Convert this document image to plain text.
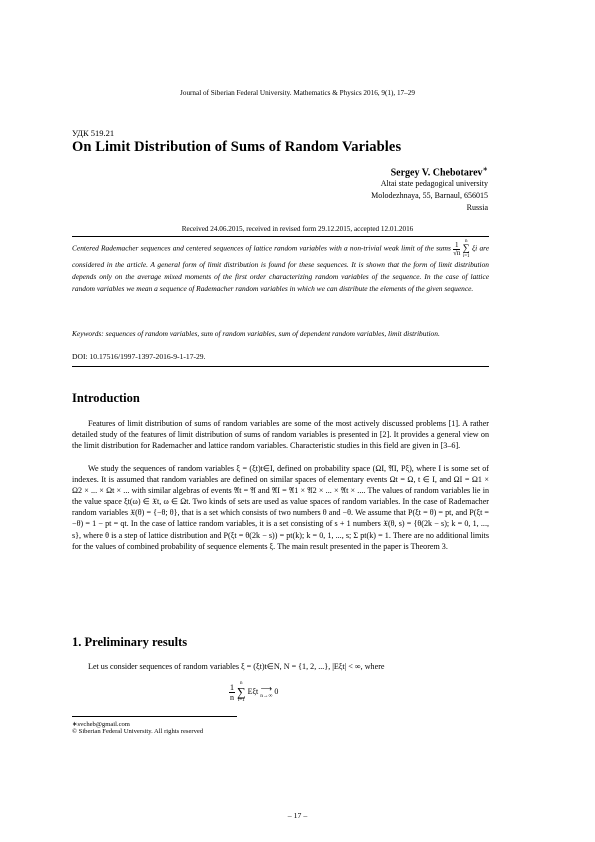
Journal of Siberian Federal University. Mathematics & Physics 2016, 9(1), 17–29
УДК 519.21
On Limit Distribution of Sums of Random Variables
Sergey V. Chebotarev∗
Altai state pedagogical university
Molodezhnaya, 55, Barnaul, 656015
Russia
Received 24.06.2015, received in revised form 29.12.2015, accepted 12.01.2016

Centered Rademacher sequences and centered sequences of lattice random variables with a non-trivial weak limit of the sums $\frac{1}{√n}$ n
∑
i=1 ξi are considered in the article. A general form of limit distribution is found for these sequences. It is shown that the form of limit distribution depends only on the average mixed moments of the first order characterizing random variables of the sequence. In the case of lattice random variables we mean a sequence of Rademacher random variables in which we can distribute the elements of the given sequence.

Keywords: sequences of random variables, sum of random variables, sum of dependent random variables, limit distribution.
DOI: 10.17516/1997-1397-2016-9-1-17-29.
Introduction

Features of limit distribution of sums of random variables are some of the most actively discussed problems [1]. A rather detailed study of the features of limit distribution of sums of random variables is presented in [2]. It provides a general view on the limit distribution for Rademacher and lattice random variables. Characteristic studies in this field are given in [3–6].

We study the sequences of random variables ξ = (ξt)t∈I, defined on probability space (ΩI, 𝔄I, Pξ), where I is some set of indexes. It is assumed that random variables are defined on similar spaces of elementary events Ωt = Ω, t ∈ I, and ΩI = Ω1 × Ω2 × ... × Ωt × ... with similar algebras of events 𝔄t = 𝔄 and 𝔄I = 𝔄1 × 𝔄2 × ... × 𝔄t × .... The values of random variables lie in the value space ξt(ω) ∈ 𝔛t, ω ∈ Ωt. Two kinds of sets are used as value spaces of random variables. In the case of Rademacher random variables 𝔛(θ) = {−θ; θ}, that is a set which consists of two numbers θ and −θ. We assume that P(ξt = θ) = pt, and P(ξt = −θ) = 1 − pt = qt. In the case of lattice random variables, it is a set consisting of s + 1 numbers 𝔛(θ, s) = {θ(2k − s); k = 0, 1, ..., s}, where θ is a step of lattice distribution and P(ξt = θ(2k − s)) = pt(k); k = 0, 1, ..., s; Σ pt(k) = 1. There are no additional limits for the values of combined probability of sequence elements ξ. The main result presented in the paper is Theorem 3.

1. Preliminary results
Let us consider sequences of random variables ξ = (ξt)t∈N, N = {1, 2, ...}, |Eξt| < ∞, where
$\frac{1}{n}$ n
∑
t=1 Eξt ⟶
n→∞ 0
∗svcheb@gmail.com
© Siberian Federal University. All rights reserved
– 17 –
